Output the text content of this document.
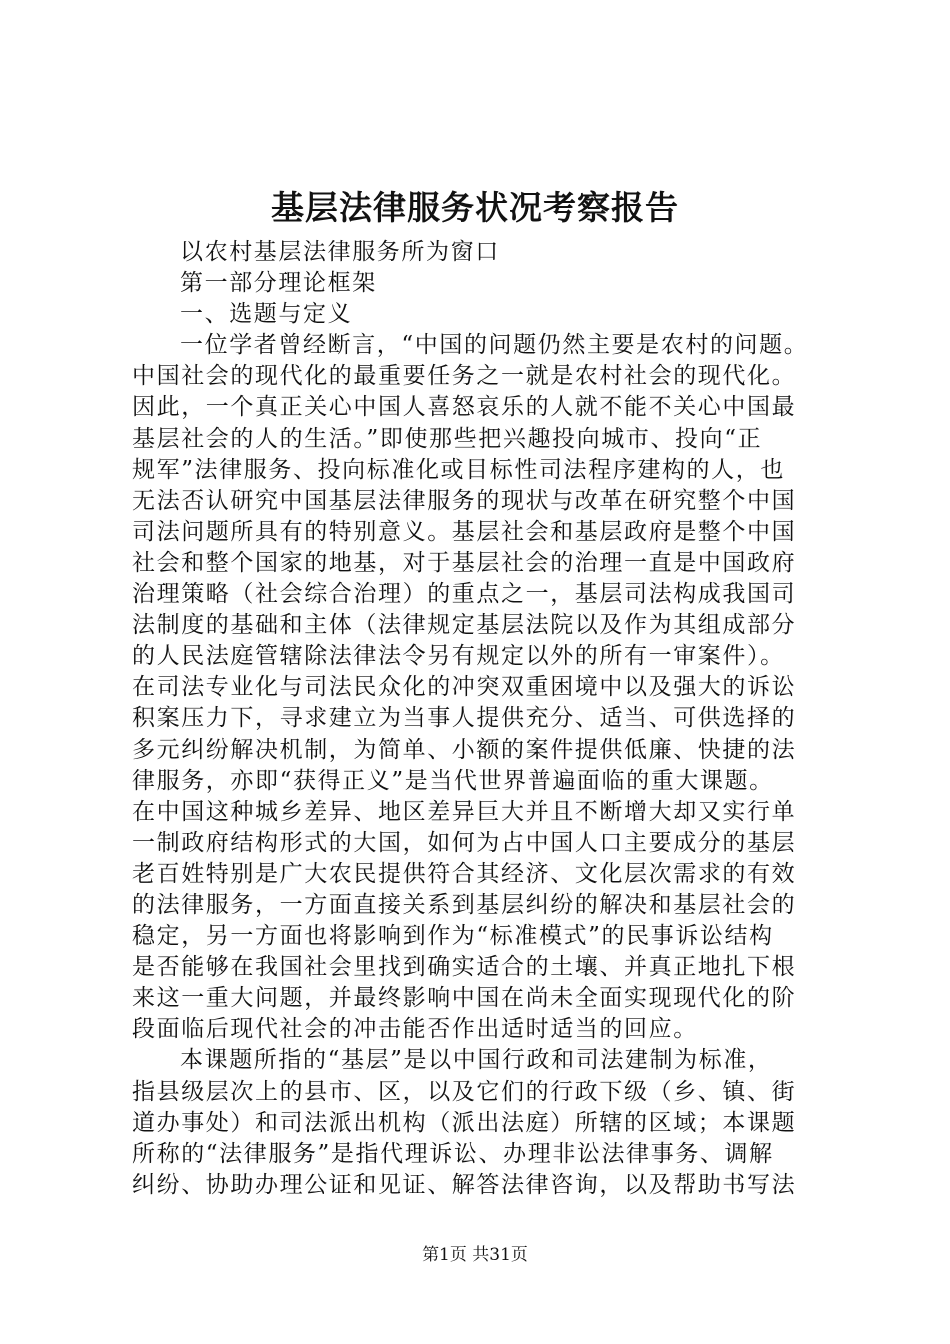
基层法律服务状况考察报告

以农村基层法律服务所为窗口

第一部分理论框架

一、选题与定义

一位学者曾经断言，“中国的问题仍然主要是农村的问题。

中国社会的现代化的最重要任务之一就是农村社会的现代化。

因此，一个真正关心中国人喜怒哀乐的人就不能不关心中国最

基层社会的人的生活。”即使那些把兴趣投向城市、投向“正

规军”法律服务、投向标准化或目标性司法程序建构的人，也

无法否认研究中国基层法律服务的现状与改革在研究整个中国

司法问题所具有的特别意义。基层社会和基层政府是整个中国

社会和整个国家的地基，对于基层社会的治理一直是中国政府

治理策略（社会综合治理）的重点之一，基层司法构成我国司

法制度的基础和主体（法律规定基层法院以及作为其组成部分

的人民法庭管辖除法律法令另有规定以外的所有一审案件）。

在司法专业化与司法民众化的冲突双重困境中以及强大的诉讼

积案压力下，寻求建立为当事人提供充分、适当、可供选择的

多元纠纷解决机制，为简单、小额的案件提供低廉、快捷的法

律服务，亦即“获得正义”是当代世界普遍面临的重大课题。

在中国这种城乡差异、地区差异巨大并且不断增大却又实行单

一制政府结构形式的大国，如何为占中国人口主要成分的基层

老百姓特别是广大农民提供符合其经济、文化层次需求的有效

的法律服务，一方面直接关系到基层纠纷的解决和基层社会的

稳定，另一方面也将影响到作为“标准模式”的民事诉讼结构

是否能够在我国社会里找到确实适合的土壤、并真正地扎下根

来这一重大问题，并最终影响中国在尚未全面实现现代化的阶

段面临后现代社会的冲击能否作出适时适当的回应。

本课题所指的“基层”是以中国行政和司法建制为标准，

指县级层次上的县市、区，以及它们的行政下级（乡、镇、街

道办事处）和司法派出机构（派出法庭）所辖的区域；本课题

所称的“法律服务”是指代理诉讼、办理非讼法律事务、调解

纠纷、协助办理公证和见证、解答法律咨询，以及帮助书写法

第1页 共31页
